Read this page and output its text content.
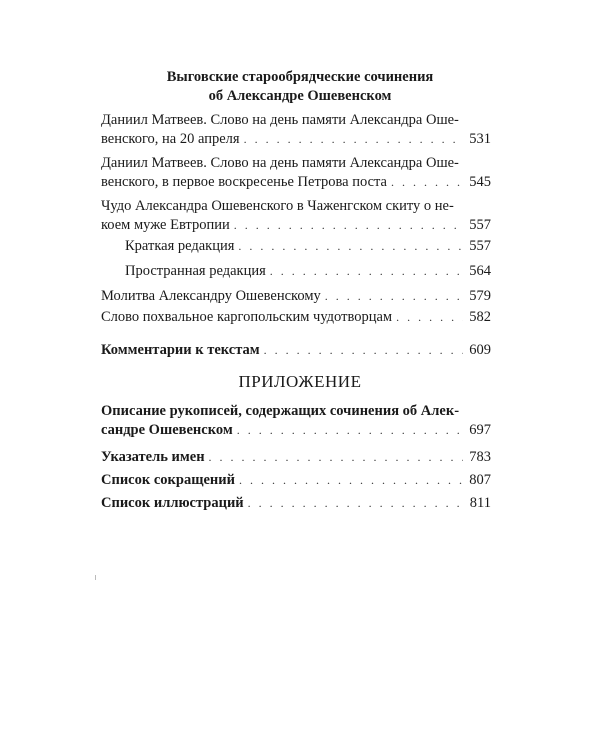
Выговские старообрядческие сочинения
об Александре Ошевенском
Даниил Матвеев. Слово на день памяти Александра Оше-
венского, на 20 апреля . . .	531
Даниил Матвеев. Слово на день памяти Александра Оше-
венского, в первое воскресенье Петрова поста . . .	545
Чудо Александра Ошевенского в Чаженгском скиту о не-
коем муже Евтропии . . .	557
Краткая редакция . . .	557
Пространная редакция . . .	564
Молитва Александру Ошевенскому . . .	579
Слово похвальное каргопольским чудотворцам . . .	582
Комментарии к текстам . . .	609
ПРИЛОЖЕНИЕ
Описание рукописей, содержащих сочинения об Алек-
сандре Ошевенском . . .	697
Указатель имен . . .	783
Список сокращений . . .	807
Список иллюстраций . . .	811
